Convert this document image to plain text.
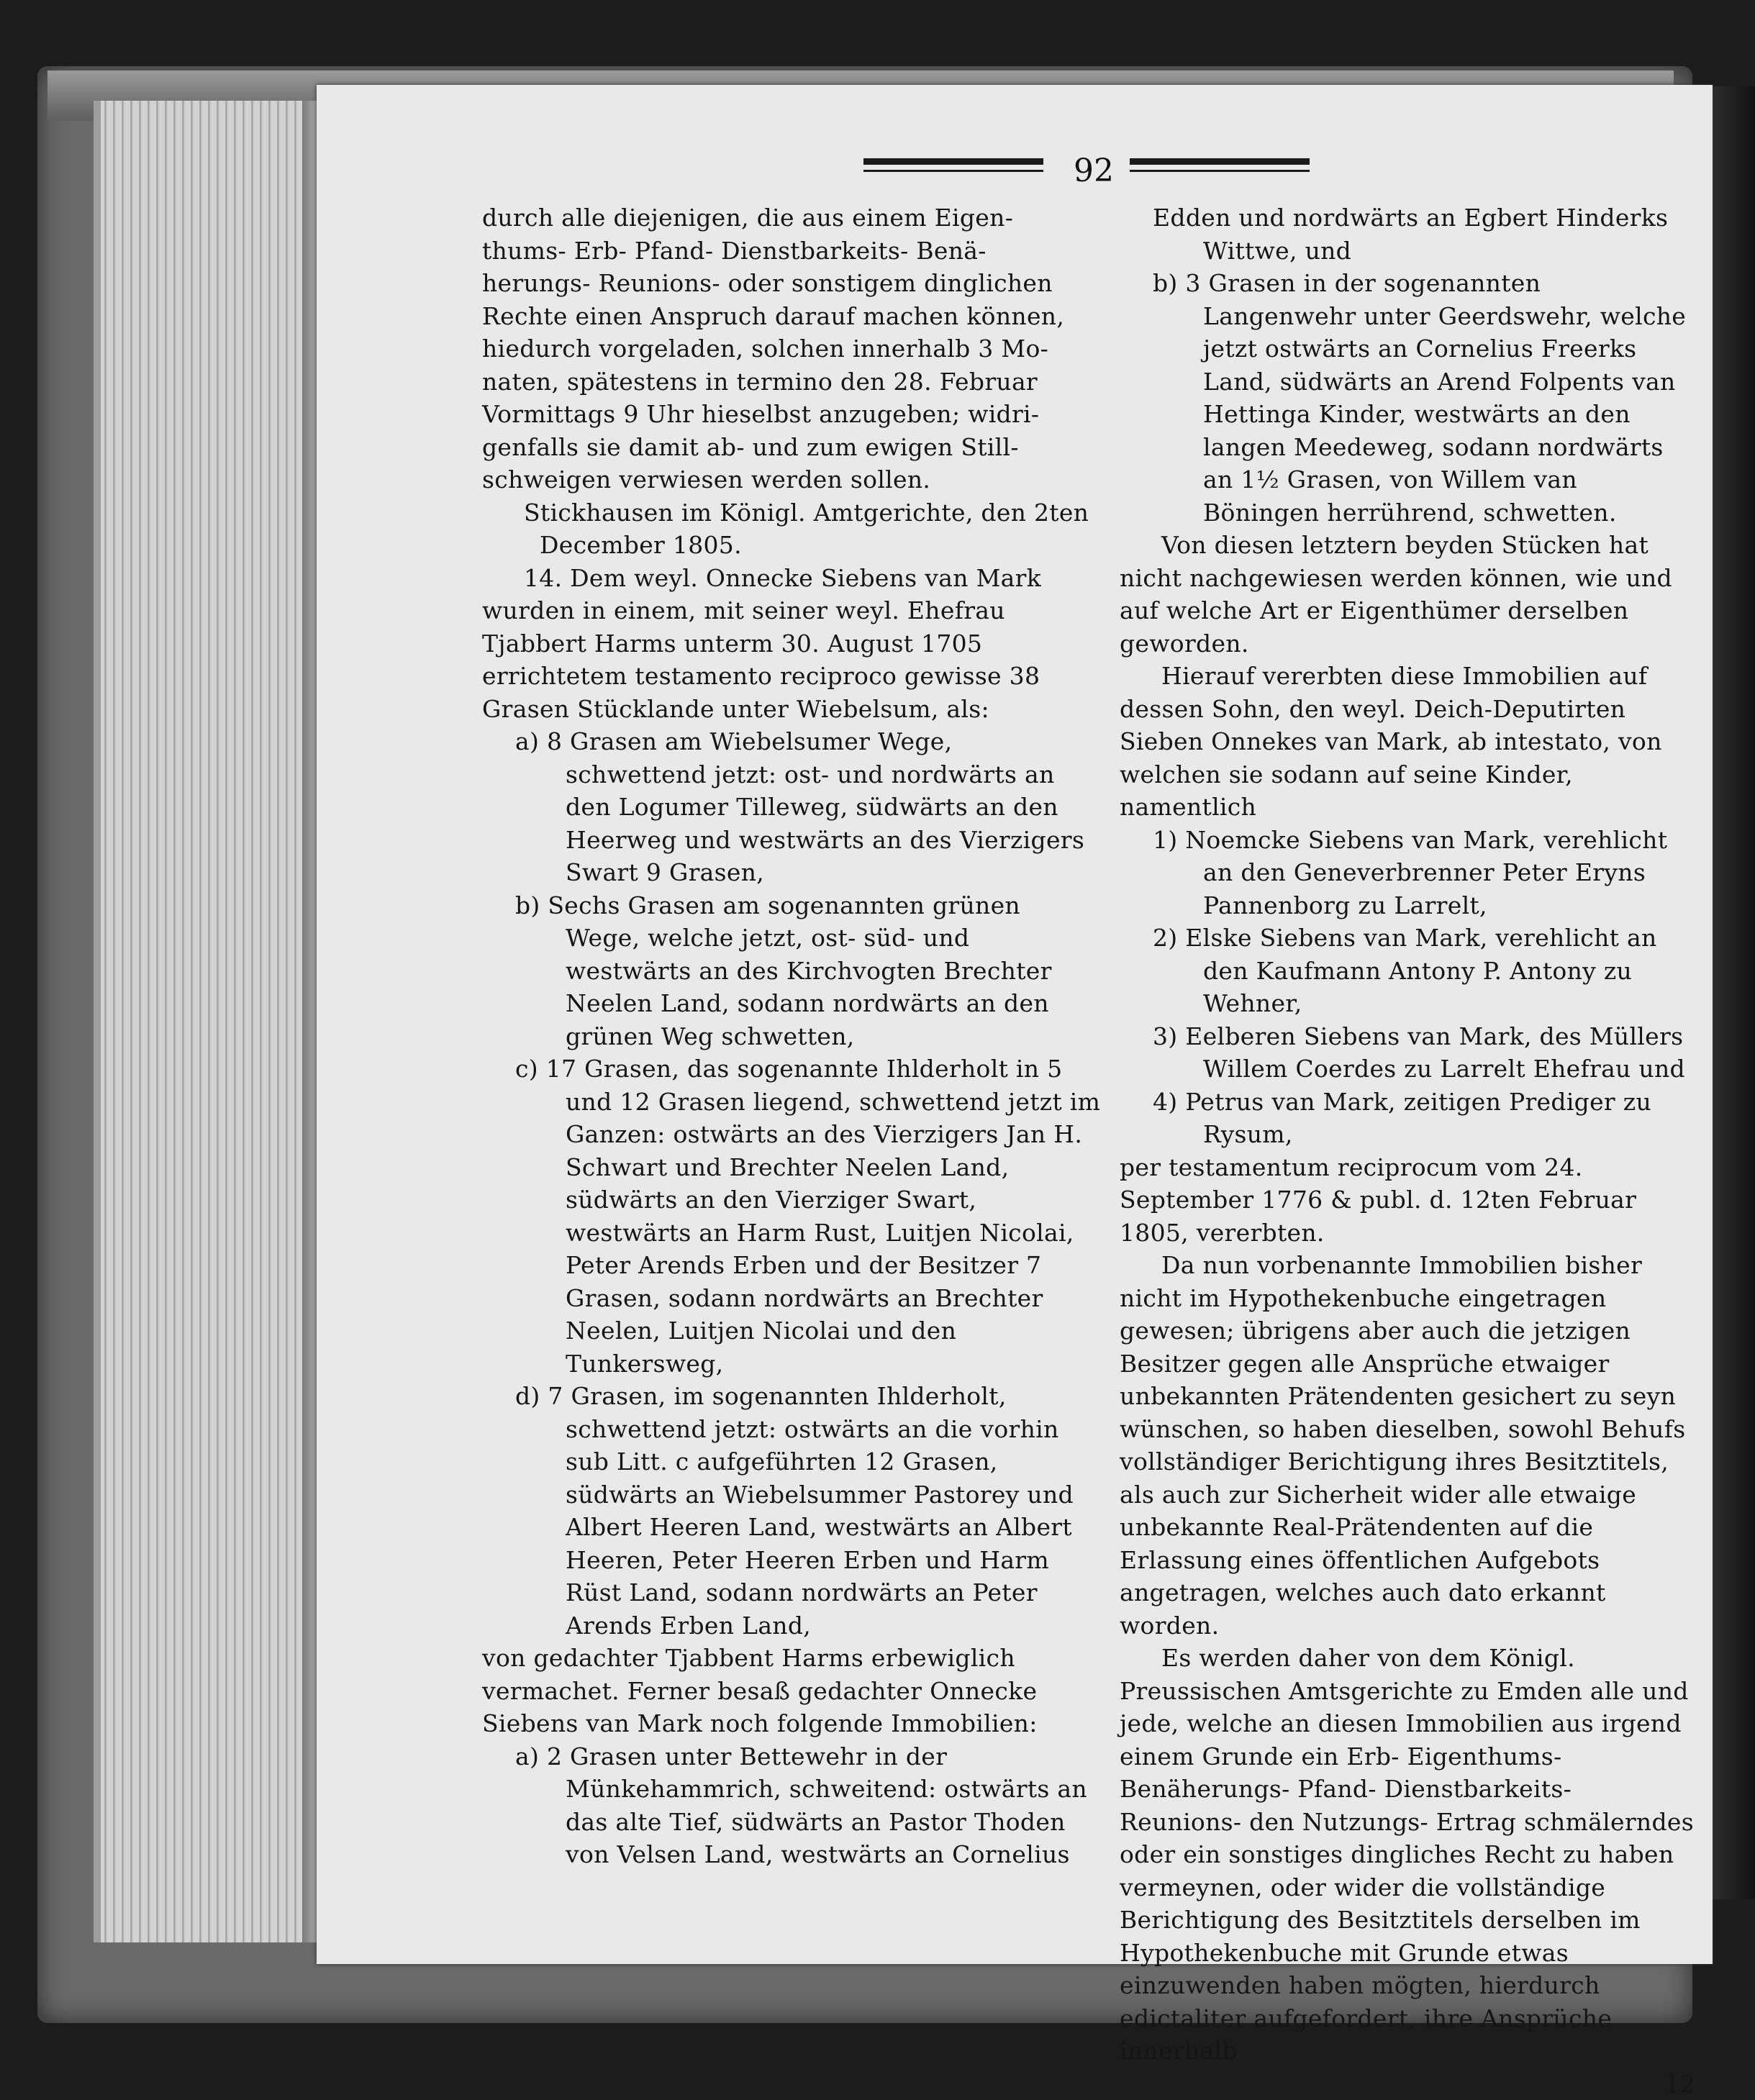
92

durch alle diejenigen, die aus einem Eigen-

thums- Erb- Pfand- Dienstbarkeits- Benä-

herungs- Reunions- oder sonstigem dinglichen

Rechte einen Anspruch darauf machen können,

hiedurch vorgeladen, solchen innerhalb 3 Mo-

naten, spätestens in termino den 28. Februar

Vormittags 9 Uhr hieselbst anzugeben; widri-

genfalls sie damit ab- und zum ewigen Still-

schweigen verwiesen werden sollen.

Stickhausen im Königl. Amtgerichte, den 2ten

December 1805.

14. Dem weyl. Onnecke Siebens van Mark wurden in einem, mit seiner weyl. Ehefrau Tjabbert Harms unterm 30. August 1705 errichtetem testamento reciproco gewisse 38 Grasen Stücklande unter Wiebelsum, als:

a) 8 Grasen am Wiebelsumer Wege, schwettend jetzt: ost- und nordwärts an den Logumer Tilleweg, südwärts an den Heerweg und westwärts an des Vierzigers Swart 9 Grasen,

b) Sechs Grasen am sogenannten grünen Wege, welche jetzt, ost- süd- und westwärts an des Kirchvogten Brechter Neelen Land, sodann nordwärts an den grünen Weg schwetten,

c) 17 Grasen, das sogenannte Ihlderholt in 5 und 12 Grasen liegend, schwettend jetzt im Ganzen: ostwärts an des Vierzigers Jan H. Schwart und Brechter Neelen Land, südwärts an den Vierziger Swart, westwärts an Harm Rust, Luitjen Nicolai, Peter Arends Erben und der Besitzer 7 Grasen, sodann nordwärts an Brechter Neelen, Luitjen Nicolai und den Tunkersweg,

d) 7 Grasen, im sogenannten Ihlderholt, schwettend jetzt: ostwärts an die vorhin sub Litt. c aufgeführten 12 Grasen, südwärts an Wiebelsummer Pastorey und Albert Heeren Land, westwärts an Albert Heeren, Peter Heeren Erben und Harm Rüst Land, sodann nordwärts an Peter Arends Erben Land,

von gedachter Tjabbent Harms erbewiglich vermachet. Ferner besaß gedachter Onnecke Siebens van Mark noch folgende Immobilien:

a) 2 Grasen unter Bettewehr in der Münkehammrich, schweitend: ostwärts an das alte Tief, südwärts an Pastor Thoden von Velsen Land, westwärts an Cornelius

Edden und nordwärts an Egbert Hinderks Wittwe, und

b) 3 Grasen in der sogenannten Langenwehr unter Geerdswehr, welche jetzt ostwärts an Cornelius Freerks Land, südwärts an Arend Folpents van Hettinga Kinder, westwärts an den langen Meedeweg, sodann nordwärts an 1½ Grasen, von Willem van Böningen herrührend, schwetten.

Von diesen letztern beyden Stücken hat nicht nachgewiesen werden können, wie und auf welche Art er Eigenthümer derselben geworden.

Hierauf vererbten diese Immobilien auf dessen Sohn, den weyl. Deich-Deputirten Sieben Onnekes van Mark, ab intestato, von welchen sie sodann auf seine Kinder, namentlich

1) Noemcke Siebens van Mark, verehlicht an den Geneverbrenner Peter Eryns Pannenborg zu Larrelt,

2) Elske Siebens van Mark, verehlicht an den Kaufmann Antony P. Antony zu Wehner,

3) Eelberen Siebens van Mark, des Müllers Willem Coerdes zu Larrelt Ehefrau und

4) Petrus van Mark, zeitigen Prediger zu Rysum,

per testamentum reciprocum vom 24. September 1776 & publ. d. 12ten Februar 1805, vererbten.

Da nun vorbenannte Immobilien bisher nicht im Hypothekenbuche eingetragen gewesen; übrigens aber auch die jetzigen Besitzer gegen alle Ansprüche etwaiger unbekannten Prätendenten gesichert zu seyn wünschen, so haben dieselben, sowohl Behufs vollständiger Berichtigung ihres Besitztitels, als auch zur Sicherheit wider alle etwaige unbekannte Real-Prätendenten auf die Erlassung eines öffentlichen Aufgebots angetragen, welches auch dato erkannt worden.

Es werden daher von dem Königl. Preussischen Amtsgerichte zu Emden alle und jede, welche an diesen Immobilien aus irgend einem Grunde ein Erb- Eigenthums- Benäherungs- Pfand- Dienstbarkeits- Reunions- den Nutzungs- Ertrag schmälerndes oder ein sonstiges dingliches Recht zu haben vermeynen, oder wider die vollständige Berichtigung des Besitztitels derselben im Hypothekenbuche mit Grunde etwas einzuwenden haben mögten, hierdurch edictaliter aufgefordert, ihre Ansprüche innerhalb

12
